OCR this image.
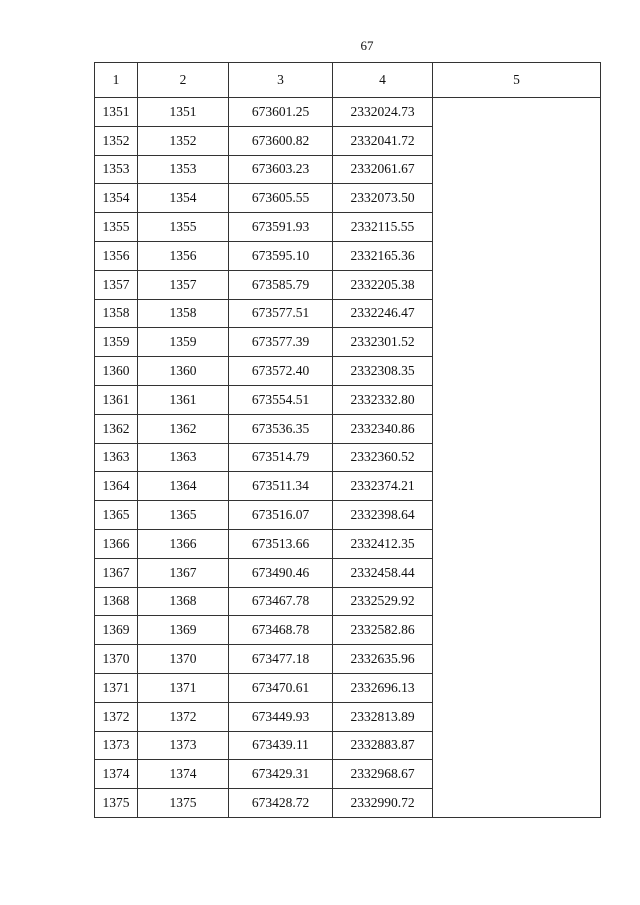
67
1	2	3	4	5
1351	1351	673601.25	2332024.73	
1352	1352	673600.82	2332041.72	
1353	1353	673603.23	2332061.67	
1354	1354	673605.55	2332073.50	
1355	1355	673591.93	2332115.55	
1356	1356	673595.10	2332165.36	
1357	1357	673585.79	2332205.38	
1358	1358	673577.51	2332246.47	
1359	1359	673577.39	2332301.52	
1360	1360	673572.40	2332308.35	
1361	1361	673554.51	2332332.80	
1362	1362	673536.35	2332340.86	
1363	1363	673514.79	2332360.52	
1364	1364	673511.34	2332374.21	
1365	1365	673516.07	2332398.64	
1366	1366	673513.66	2332412.35	
1367	1367	673490.46	2332458.44	
1368	1368	673467.78	2332529.92	
1369	1369	673468.78	2332582.86	
1370	1370	673477.18	2332635.96	
1371	1371	673470.61	2332696.13	
1372	1372	673449.93	2332813.89	
1373	1373	673439.11	2332883.87	
1374	1374	673429.31	2332968.67	
1375	1375	673428.72	2332990.72	
